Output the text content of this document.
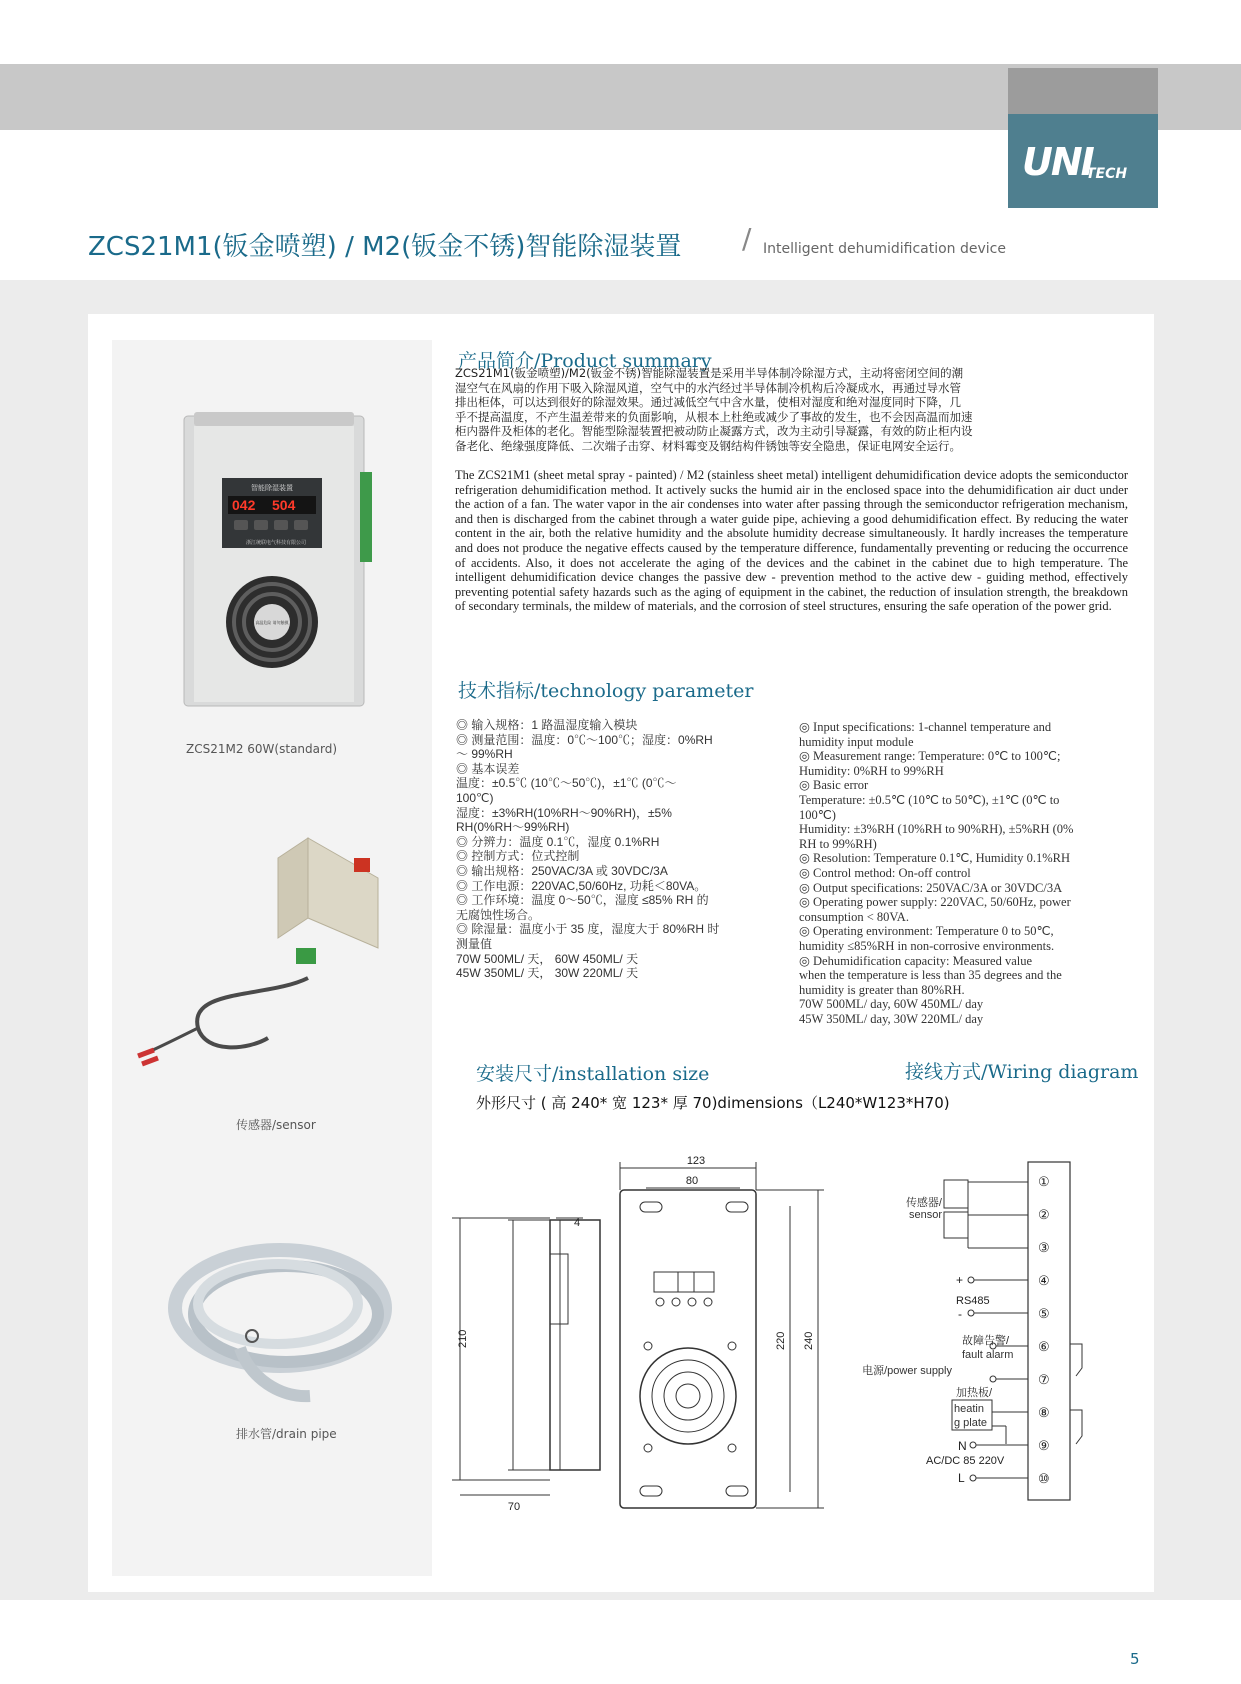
UNI
TECH
ZCS21M1(钣金喷塑) / M2(钣金不锈)智能除湿装置 / Intelligent dehumidification device
智能除湿装置
042 504
浙江统联电气科技有限公司
高温危险 请勿触摸
ZCS21M2 60W(standard)
传感器/sensor
排水管/drain pipe
产品简介/Product summary
ZCS21M1(钣金喷塑)/M2(钣金不锈)智能除湿装置是采用半导体制冷除湿方式，主动将密闭空间的潮
湿空气在风扇的作用下吸入除湿风道，空气中的水汽经过半导体制冷机构后冷凝成水，再通过导水管
排出柜体，可以达到很好的除湿效果。通过减低空气中含水量，使相对湿度和绝对湿度同时下降，几
乎不提高温度，不产生温差带来的负面影响，从根本上杜绝或减少了事故的发生，也不会因高温而加速
柜内器件及柜体的老化。智能型除湿装置把被动防止凝露方式，改为主动引导凝露，有效的防止柜内设
备老化、绝缘强度降低、二次端子击穿、材料霉变及钢结构件锈蚀等安全隐患，保证电网安全运行。
The ZCS21M1 (sheet metal spray - painted) / M2 (stainless sheet metal) intelligent dehumidification device adopts the semiconductor refrigeration dehumidification method. It actively sucks the humid air in the enclosed space into the dehumidification air duct under the action of a fan. The water vapor in the air condenses into water after passing through the semiconductor refrigeration mechanism, and then is discharged from the cabinet through a water guide pipe, achieving a good dehumidification effect. By reducing the water content in the air, both the relative humidity and the absolute humidity decrease simultaneously. It hardly increases the temperature and does not produce the negative effects caused by the temperature difference, fundamentally preventing or reducing the occurrence of accidents. Also, it does not accelerate the aging of the devices and the cabinet in the cabinet due to high temperature. The intelligent dehumidification device changes the passive dew - prevention method to the active dew - guiding method, effectively preventing potential safety hazards such as the aging of equipment in the cabinet, the reduction of insulation strength, the breakdown of secondary terminals, the mildew of materials, and the corrosion of steel structures, ensuring the safe operation of the power grid.
技术指标/technology parameter
◎ 输入规格：1 路温湿度输入模块
◎ 测量范围：温度：0℃～100℃；湿度：0%RH
～ 99%RH
◎ 基本误差
温度：±0.5℃ (10℃～50℃)，±1℃ (0℃～
100℃)
湿度：±3%RH(10%RH～90%RH)，±5%
RH(0%RH～99%RH)
◎ 分辨力：温度 0.1℃，湿度 0.1%RH
◎ 控制方式：位式控制
◎ 输出规格：250VAC/3A 或 30VDC/3A
◎ 工作电源：220VAC,50/60Hz, 功耗＜80VA。
◎ 工作环境：温度 0～50℃，湿度 ≤85% RH 的
无腐蚀性场合。
◎ 除湿量：温度小于 35 度，湿度大于 80%RH 时
测量值
70W 500ML/ 天， 60W 450ML/ 天
45W 350ML/ 天， 30W 220ML/ 天
◎ Input specifications: 1-channel temperature and
humidity input module
◎ Measurement range: Temperature: 0℃ to 100℃;
Humidity: 0%RH to 99%RH
◎ Basic error
Temperature: ±0.5℃ (10℃ to 50℃), ±1℃ (0℃ to
100℃)
Humidity: ±3%RH (10%RH to 90%RH), ±5%RH (0%
RH to 99%RH)
◎ Resolution: Temperature 0.1℃, Humidity 0.1%RH
◎ Control method: On-off control
◎ Output specifications: 250VAC/3A or 30VDC/3A
◎ Operating power supply: 220VAC, 50/60Hz, power
consumption < 80VA.
◎ Operating environment: Temperature 0 to 50℃,
humidity ≤85%RH in non-corrosive environments.
◎ Dehumidification capacity: Measured value
when the temperature is less than 35 degrees and the
humidity is greater than 80%RH.
70W 500ML/ day, 60W 450ML/ day
45W 350ML/ day, 30W 220ML/ day
安装尺寸/installation size	接线方式/Wiring diagram
外形尺寸 ( 高 240* 宽 123* 厚 70)dimensions（L240*W123*H70)
210
70
4
123
80
220 240
①
②
③
④
⑤
⑥
⑦
⑧
⑨
⑩
传感器/
sensor
+
RS485
-
故障告警/
fault alarm
电源/power supply
加热板/
heatin
g plate
N
AC/DC 85 220V
L
5
